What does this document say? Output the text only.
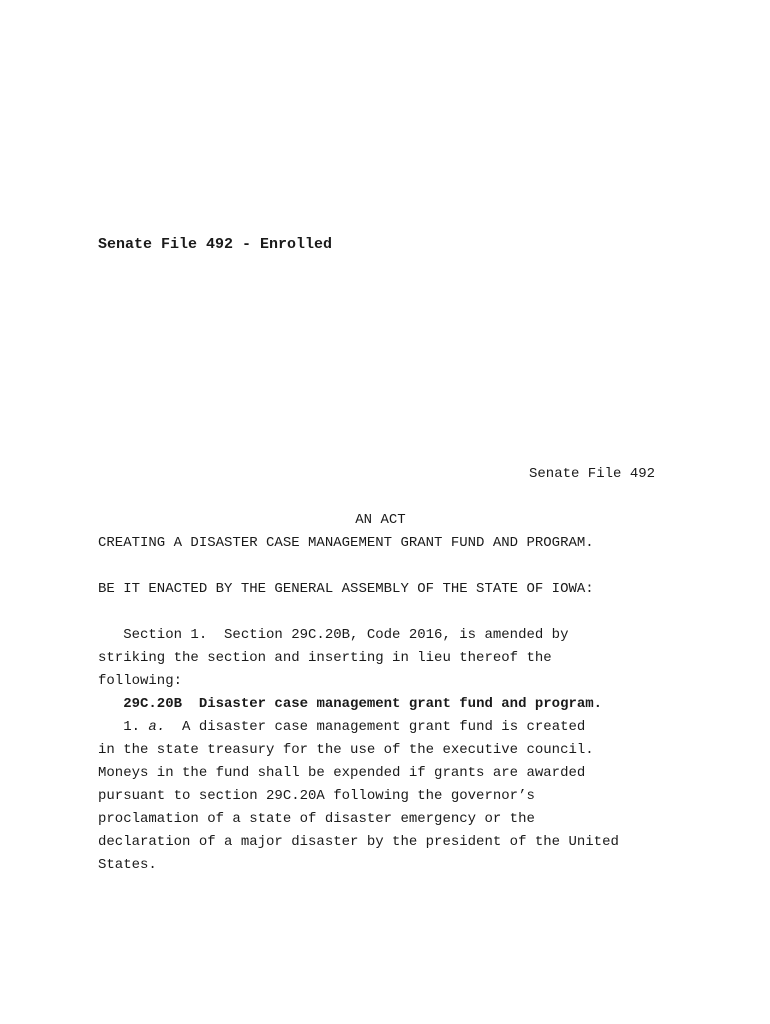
Senate File 492 - Enrolled
Senate File 492
AN ACT
CREATING A DISASTER CASE MANAGEMENT GRANT FUND AND PROGRAM.
BE IT ENACTED BY THE GENERAL ASSEMBLY OF THE STATE OF IOWA:
Section 1.  Section 29C.20B, Code 2016, is amended by
striking the section and inserting in lieu thereof the
following:
29C.20B  Disaster case management grant fund and program.
1. a.  A disaster case management grant fund is created
in the state treasury for the use of the executive council.
Moneys in the fund shall be expended if grants are awarded
pursuant to section 29C.20A following the governor’s
proclamation of a state of disaster emergency or the
declaration of a major disaster by the president of the United
States.
